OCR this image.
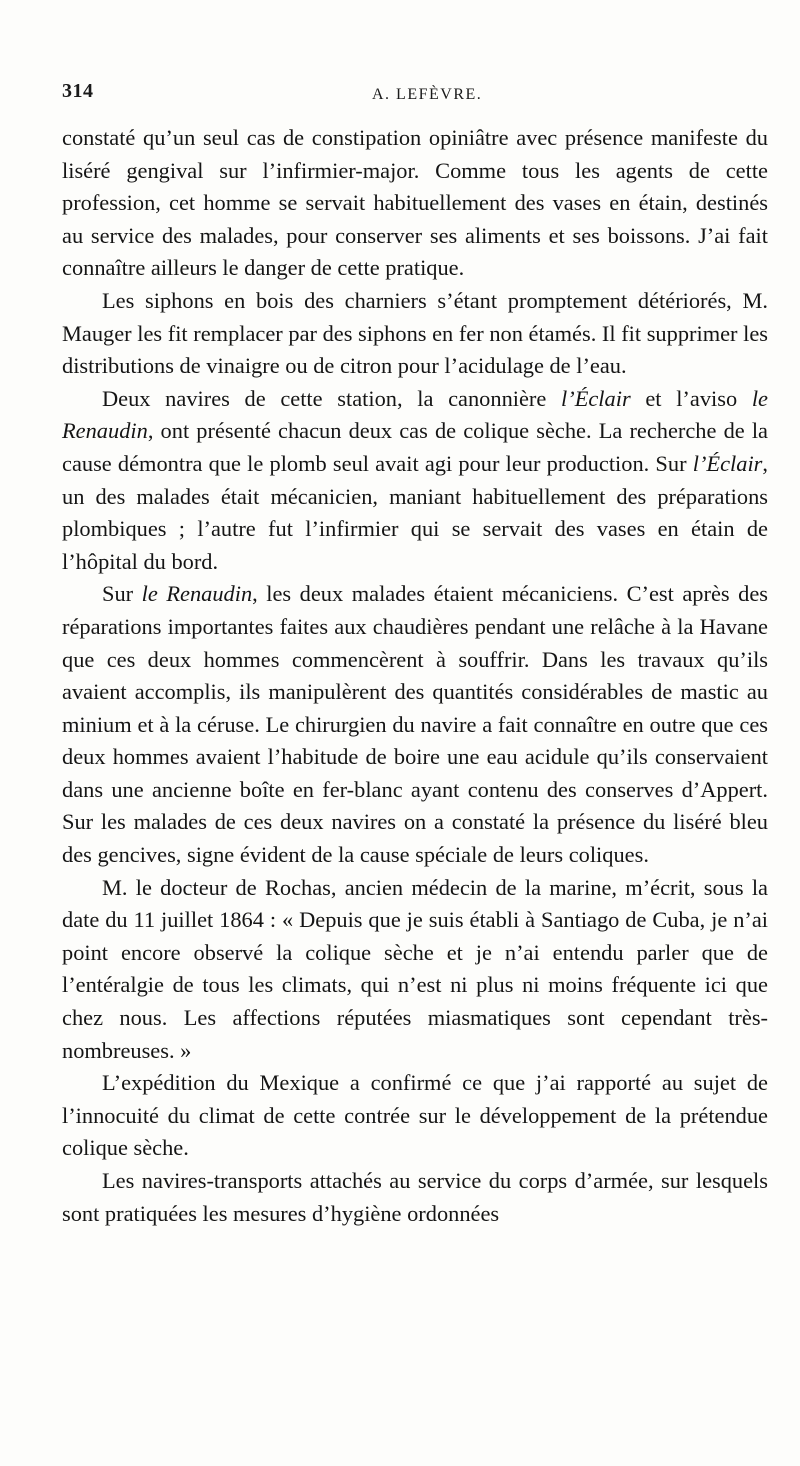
314	A. LEFÈVRE.

constaté qu’un seul cas de constipation opiniâtre avec présence manifeste du liséré gengival sur l’infirmier-major. Comme tous les agents de cette profession, cet homme se servait habituellement des vases en étain, destinés au service des malades, pour conserver ses aliments et ses boissons. J’ai fait connaître ailleurs le danger de cette pratique.

Les siphons en bois des charniers s’étant promptement détériorés, M. Mauger les fit remplacer par des siphons en fer non étamés. Il fit supprimer les distributions de vinaigre ou de citron pour l’acidulage de l’eau.

Deux navires de cette station, la canonnière l’Éclair et l’aviso le Renaudin, ont présenté chacun deux cas de colique sèche. La recherche de la cause démontra que le plomb seul avait agi pour leur production. Sur l’Éclair, un des malades était mécanicien, maniant habituellement des préparations plombiques ; l’autre fut l’infirmier qui se servait des vases en étain de l’hôpital du bord.

Sur le Renaudin, les deux malades étaient mécaniciens. C’est après des réparations importantes faites aux chaudières pendant une relâche à la Havane que ces deux hommes commencèrent à souffrir. Dans les travaux qu’ils avaient accomplis, ils manipulèrent des quantités considérables de mastic au minium et à la céruse. Le chirurgien du navire a fait connaître en outre que ces deux hommes avaient l’habitude de boire une eau acidule qu’ils conservaient dans une ancienne boîte en fer-blanc ayant contenu des conserves d’Appert. Sur les malades de ces deux navires on a constaté la présence du liséré bleu des gencives, signe évident de la cause spéciale de leurs coliques.

M. le docteur de Rochas, ancien médecin de la marine, m’écrit, sous la date du 11 juillet 1864 : « Depuis que je suis établi à Santiago de Cuba, je n’ai point encore observé la colique sèche et je n’ai entendu parler que de l’entéralgie de tous les climats, qui n’est ni plus ni moins fréquente ici que chez nous. Les affections réputées miasmatiques sont cependant très-nombreuses. »

L’expédition du Mexique a confirmé ce que j’ai rapporté au sujet de l’innocuité du climat de cette contrée sur le développement de la prétendue colique sèche.

Les navires-transports attachés au service du corps d’armée, sur lesquels sont pratiquées les mesures d’hygiène ordonnées
